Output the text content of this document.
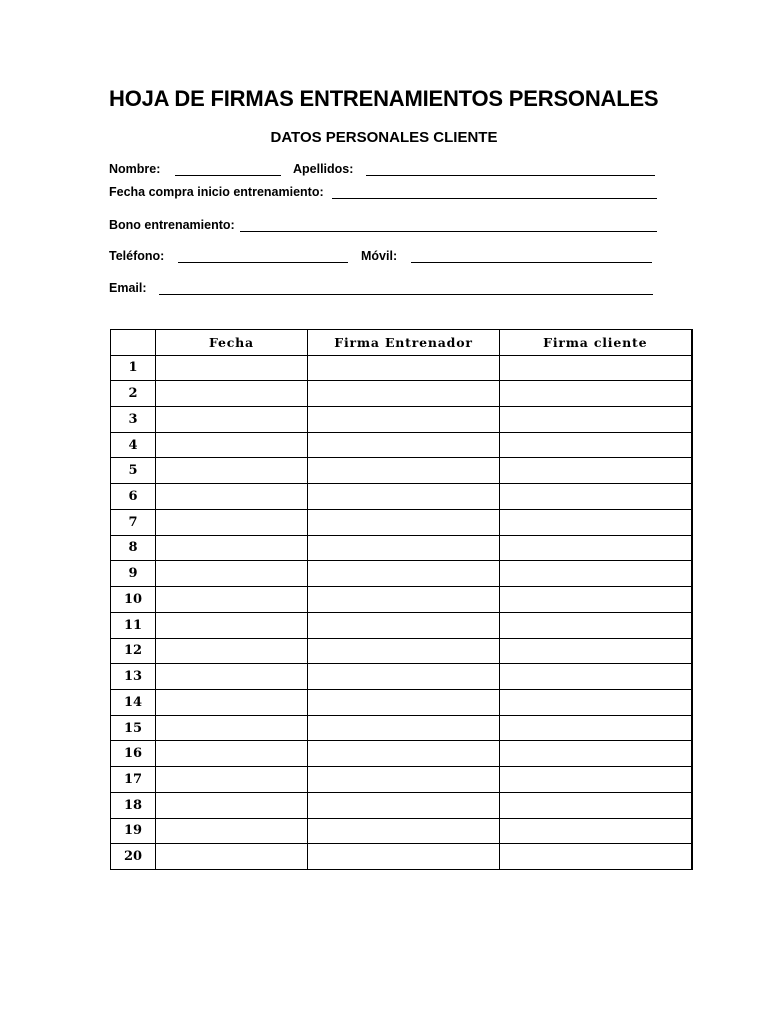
HOJA DE FIRMAS ENTRENAMIENTOS PERSONALES
DATOS PERSONALES CLIENTE
Nombre:	Apellidos:
Fecha compra inicio entrenamiento:
Bono entrenamiento:
Teléfono:	Móvil:
Email:
	Fecha	Firma Entrenador	Firma cliente
1			
2			
3			
4			
5			
6			
7			
8			
9			
10			
11			
12			
13			
14			
15			
16			
17			
18			
19			
20			
